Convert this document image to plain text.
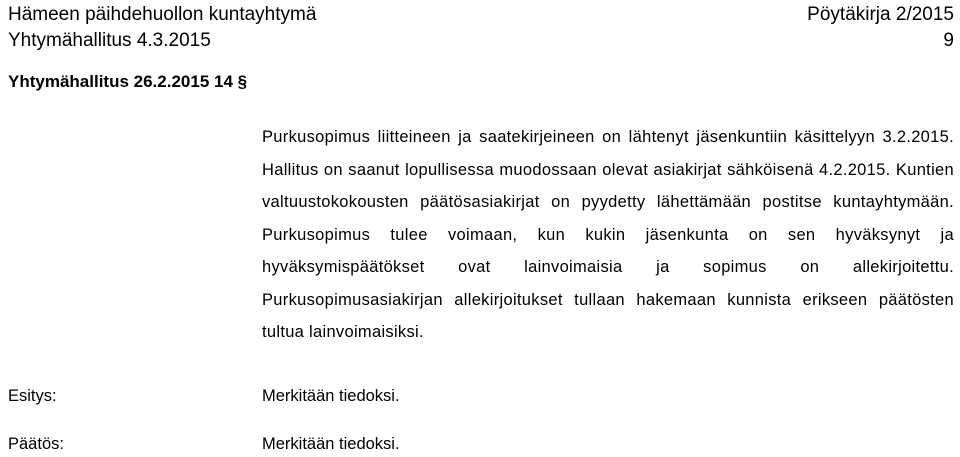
Hämeen päihdehuollon kuntayhtymä
Yhtymähallitus 4.3.2015
Pöytäkirja 2/2015
9
Yhtymähallitus 26.2.2015 14 §
Purkusopimus liitteineen ja saatekirjeineen on lähtenyt jäsenkuntiin käsittelyyn 3.2.2015. Hallitus on saanut lopullisessa muodossaan olevat asiakirjat sähköisenä 4.2.2015. Kuntien valtuustokokousten päätösasiakirjat on pyydetty lähettämään postitse kuntayhtymään. Purkusopimus tulee voimaan, kun kukin jäsenkunta on sen hyväksynyt ja hyväksymispäätökset ovat lainvoimaisia ja sopimus on allekirjoitettu. Purkusopimusasiakirjan allekirjoitukset tullaan hakemaan kunnista erikseen päätösten tultua lainvoimaisiksi.
Esitys:	Merkitään tiedoksi.
Päätös:	Merkitään tiedoksi.
